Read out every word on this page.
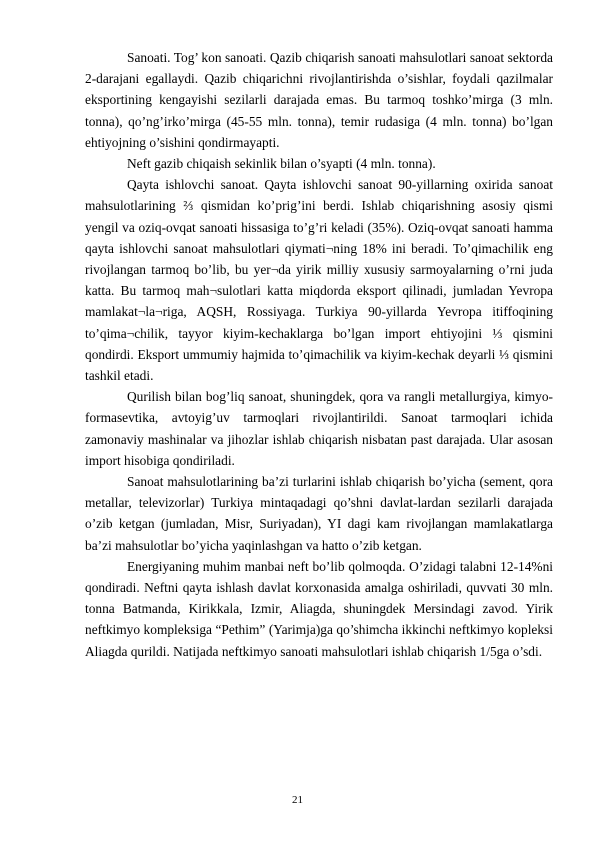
Sanoati. Tog’ kon sanoati. Qazib chiqarish sanoati mahsulotlari sanoat sektorda 2-darajani egallaydi. Qazib chiqarichni rivojlantirishda o’sishlar, foydali qazilmalar eksportining kengayishi sezilarli darajada emas. Bu tarmoq toshko’mirga (3 mln. tonna), qo’ng’irko’mirga (45-55 mln. tonna), temir rudasiga (4 mln. tonna) bo’lgan ehtiyojning o’sishini qondirmayapti.

Neft gazib chiqaish sekinlik bilan o’syapti (4 mln. tonna).

Qayta ishlovchi sanoat. Qayta ishlovchi sanoat 90-yillarning oxirida sanoat mahsulotlarining ⅔ qismidan ko’prig’ini berdi. Ishlab chiqarishning asosiy qismi yengil va oziq-ovqat sanoati hissasiga to’g’ri keladi (35%). Oziq-ovqat sanoati hamma qayta ishlovchi sanoat mahsulotlari qiymati¬ning 18% ini beradi. To’qimachilik eng rivojlangan tarmoq bo’lib, bu yer¬da yirik milliy xususiy sarmoyalarning o’rni juda katta. Bu tarmoq mah¬sulotlari katta miqdorda eksport qilinadi, jumladan Yevropa mamlakat¬la¬riga, AQSH, Rossiyaga. Turkiya 90-yillarda Yevropa itiffoqining to’qima¬chilik, tayyor kiyim-kechaklarga bo’lgan import ehtiyojini ⅓ qismini qondirdi. Eksport ummumiy hajmida to’qimachilik va kiyim-kechak deyarli ⅓ qismini tashkil etadi.

Qurilish bilan bog’liq sanoat, shuningdek, qora va rangli metallurgiya, kimyo- formasevtika, avtoyig’uv tarmoqlari rivojlantirildi. Sanoat tarmoqlari ichida zamonaviy mashinalar va jihozlar ishlab chiqarish nisbatan past darajada. Ular asosan import hisobiga qondiriladi.

Sanoat mahsulotlarining ba’zi turlarini ishlab chiqarish bo’yicha (sement, qora metallar, televizorlar) Turkiya mintaqadagi qo’shni davlat-lardan sezilarli darajada o’zib ketgan (jumladan, Misr, Suriyadan), YI dagi kam rivojlangan mamlakatlarga ba’zi mahsulotlar bo’yicha yaqinlashgan va hatto o’zib ketgan.

Energiyaning muhim manbai neft bo’lib qolmoqda. O’zidagi talabni 12-14%ni qondiradi. Neftni qayta ishlash davlat korxonasida amalga oshiriladi, quvvati 30 mln. tonna Batmanda, Kirikkala, Izmir, Aliagda, shuningdek Mersindagi zavod. Yirik neftkimyo kompleksiga “Pethim” (Yarimja)ga qo’shimcha ikkinchi neftkimyo kopleksi Aliagda qurildi. Natijada neftkimyo sanoati mahsulotlari ishlab chiqarish 1/5ga o’sdi.

21
